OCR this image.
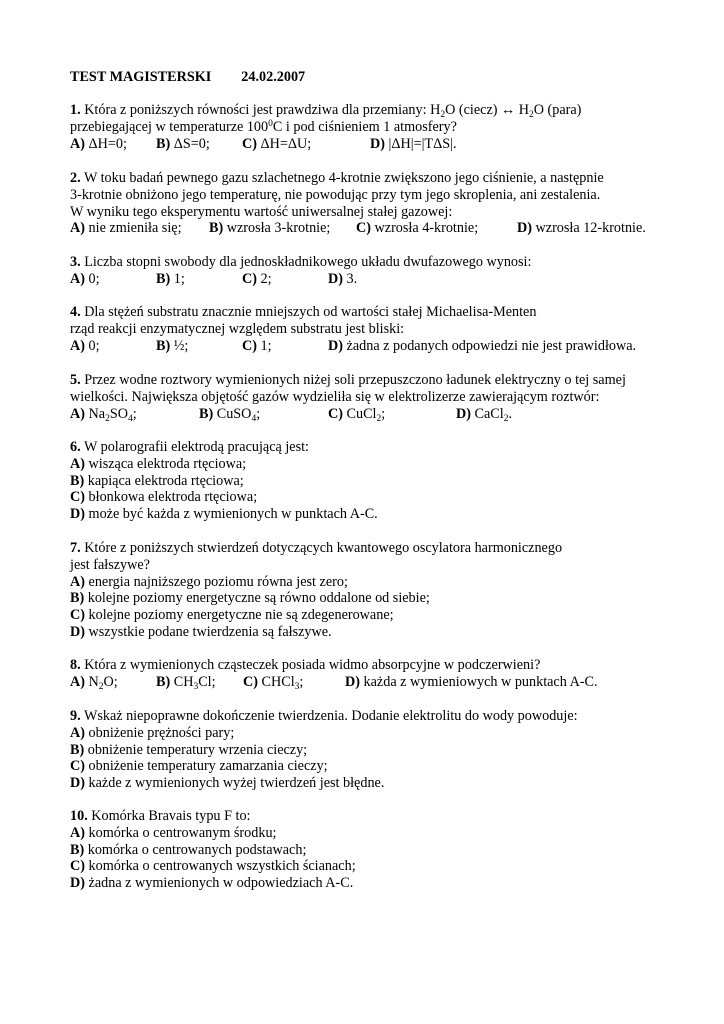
TEST MAGISTERSKI 24.02.2007
1. Która z poniższych równości jest prawdziwa dla przemiany: $H_2O$ (ciecz) ↔ $H_2O$ (para)
przebiegającej w temperaturze $100^0C$ i pod ciśnieniem 1 atmosfery?
A) ΔH=0; B) ΔS=0; C) ΔH=ΔU;	D) |ΔH|=|TΔS|.
2. W toku badań pewnego gazu szlachetnego 4-krotnie zwiększono jego ciśnienie, a następnie
3-krotnie obniżono jego temperaturę, nie powodując przy tym jego skroplenia, ani zestalenia.
W wyniku tego eksperymentu wartość uniwersalnej stałej gazowej:
A) nie zmieniła się; B) wzrosła 3-krotnie; C) wzrosła 4-krotnie;	D) wzrosła 12-krotnie.
3. Liczba stopni swobody dla jednoskładnikowego układu dwufazowego wynosi:
A) 0;	B) 1;	C) 2;	D) 3.
4. Dla stężeń substratu znacznie mniejszych od wartości stałej Michaelisa-Menten
rząd reakcji enzymatycznej względem substratu jest bliski:
A) 0;	B) ½;	C) 1;	D) żadna z podanych odpowiedzi nie jest prawidłowa.
5. Przez wodne roztwory wymienionych niżej soli przepuszczono ładunek elektryczny o tej samej
wielkości. Największa objętość gazów wydzieliła się w elektrolizerze zawierającym roztwór:
A) $Na_2SO_4$;	B) CuSO$_4$;	C) CuCl$_2$;	D) CaCl$_2$.
6. W polarografii elektrodą pracującą jest:
A) wisząca elektroda rtęciowa;
B) kapiąca elektroda rtęciowa;
C) błonkowa elektroda rtęciowa;
D) może być każda z wymienionych w punktach A-C.
7. Które z poniższych stwierdzeń dotyczących kwantowego oscylatora harmonicznego
jest fałszywe?
A) energia najniższego poziomu równa jest zero;
B) kolejne poziomy energetyczne są równo oddalone od siebie;
C) kolejne poziomy energetyczne nie są zdegenerowane;
D) wszystkie podane twierdzenia są fałszywe.
8. Która z wymienionych cząsteczek posiada widmo absorpcyjne w podczerwieni?
A) $N_2O$;	B) $CH_3Cl$; C) CHCl$_3$;	D) każda z wymieniowych w punktach A-C.
9. Wskaż niepoprawne dokończenie twierdzenia. Dodanie elektrolitu do wody powoduje:
A) obniżenie prężności pary;
B) obniżenie temperatury wrzenia cieczy;
C) obniżenie temperatury zamarzania cieczy;
D) każde z wymienionych wyżej twierdzeń jest błędne.
10. Komórka Bravais typu F to:
A) komórka o centrowanym środku;
B) komórka o centrowanych podstawach;
C) komórka o centrowanych wszystkich ścianach;
D) żadna z wymienionych w odpowiedziach A-C.
